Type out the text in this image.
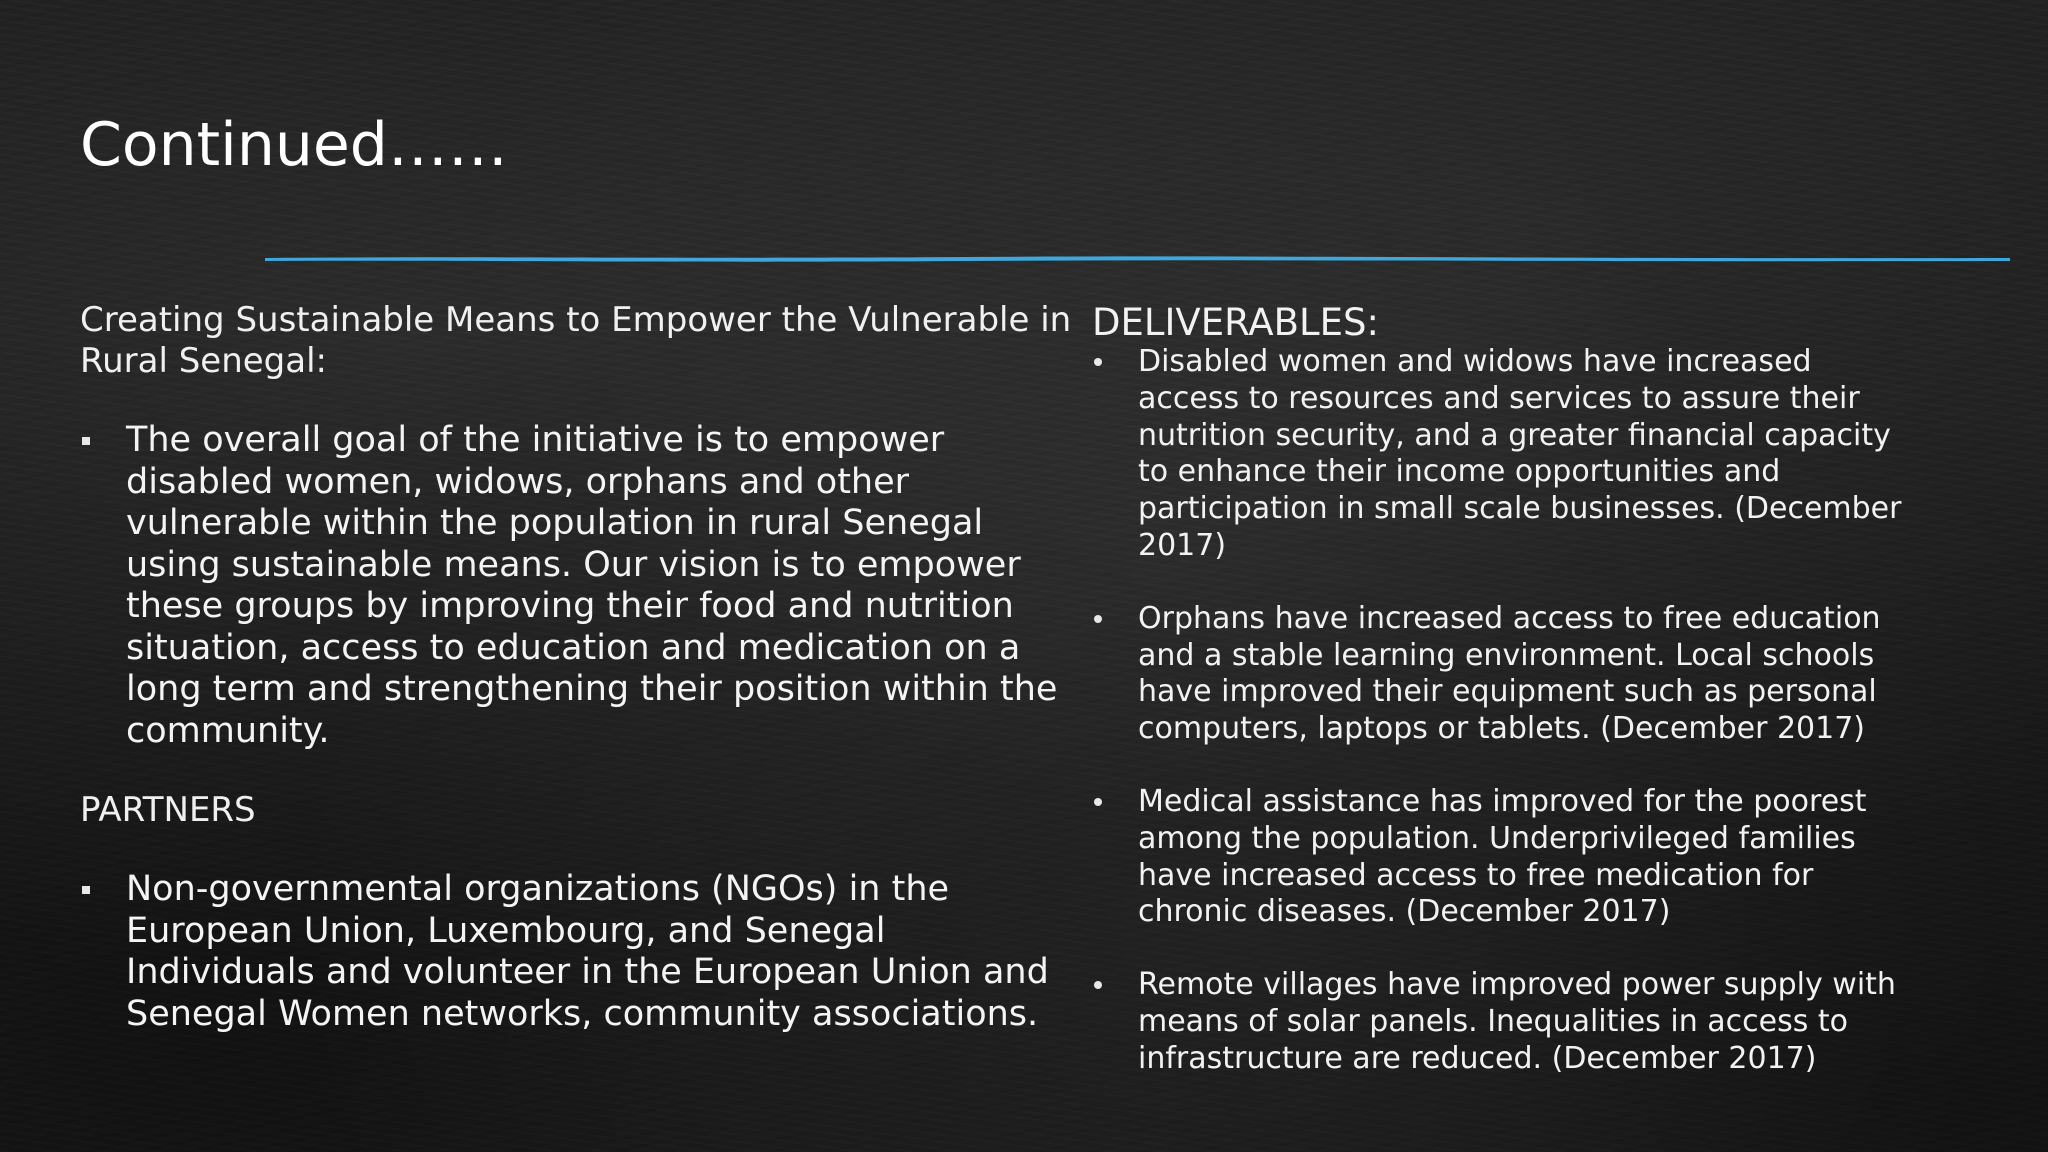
Continued……

Creating Sustainable Means to Empower the Vulnerable in Rural Senegal:

The overall goal of the initiative is to empower disabled women, widows, orphans and other vulnerable within the population in rural Senegal using sustainable means. Our vision is to empower these groups by improving their food and nutrition situation, access to education and medication on a long term and strengthening their position within the community.

PARTNERS

Non-governmental organizations (NGOs) in the European Union, Luxembourg, and Senegal Individuals and volunteer in the European Union and Senegal Women networks, community associations.

DELIVERABLES:

Disabled women and widows have increased access to resources and services to assure their nutrition security, and a greater financial capacity to enhance their income opportunities and participation in small scale businesses. (December 2017)
Orphans have increased access to free education and a stable learning environment. Local schools have improved their equipment such as personal computers, laptops or tablets. (December 2017)
Medical assistance has improved for the poorest among the population. Underprivileged families have increased access to free medication for chronic diseases. (December 2017)
Remote villages have improved power supply with means of solar panels. Inequalities in access to infrastructure are reduced. (December 2017)
